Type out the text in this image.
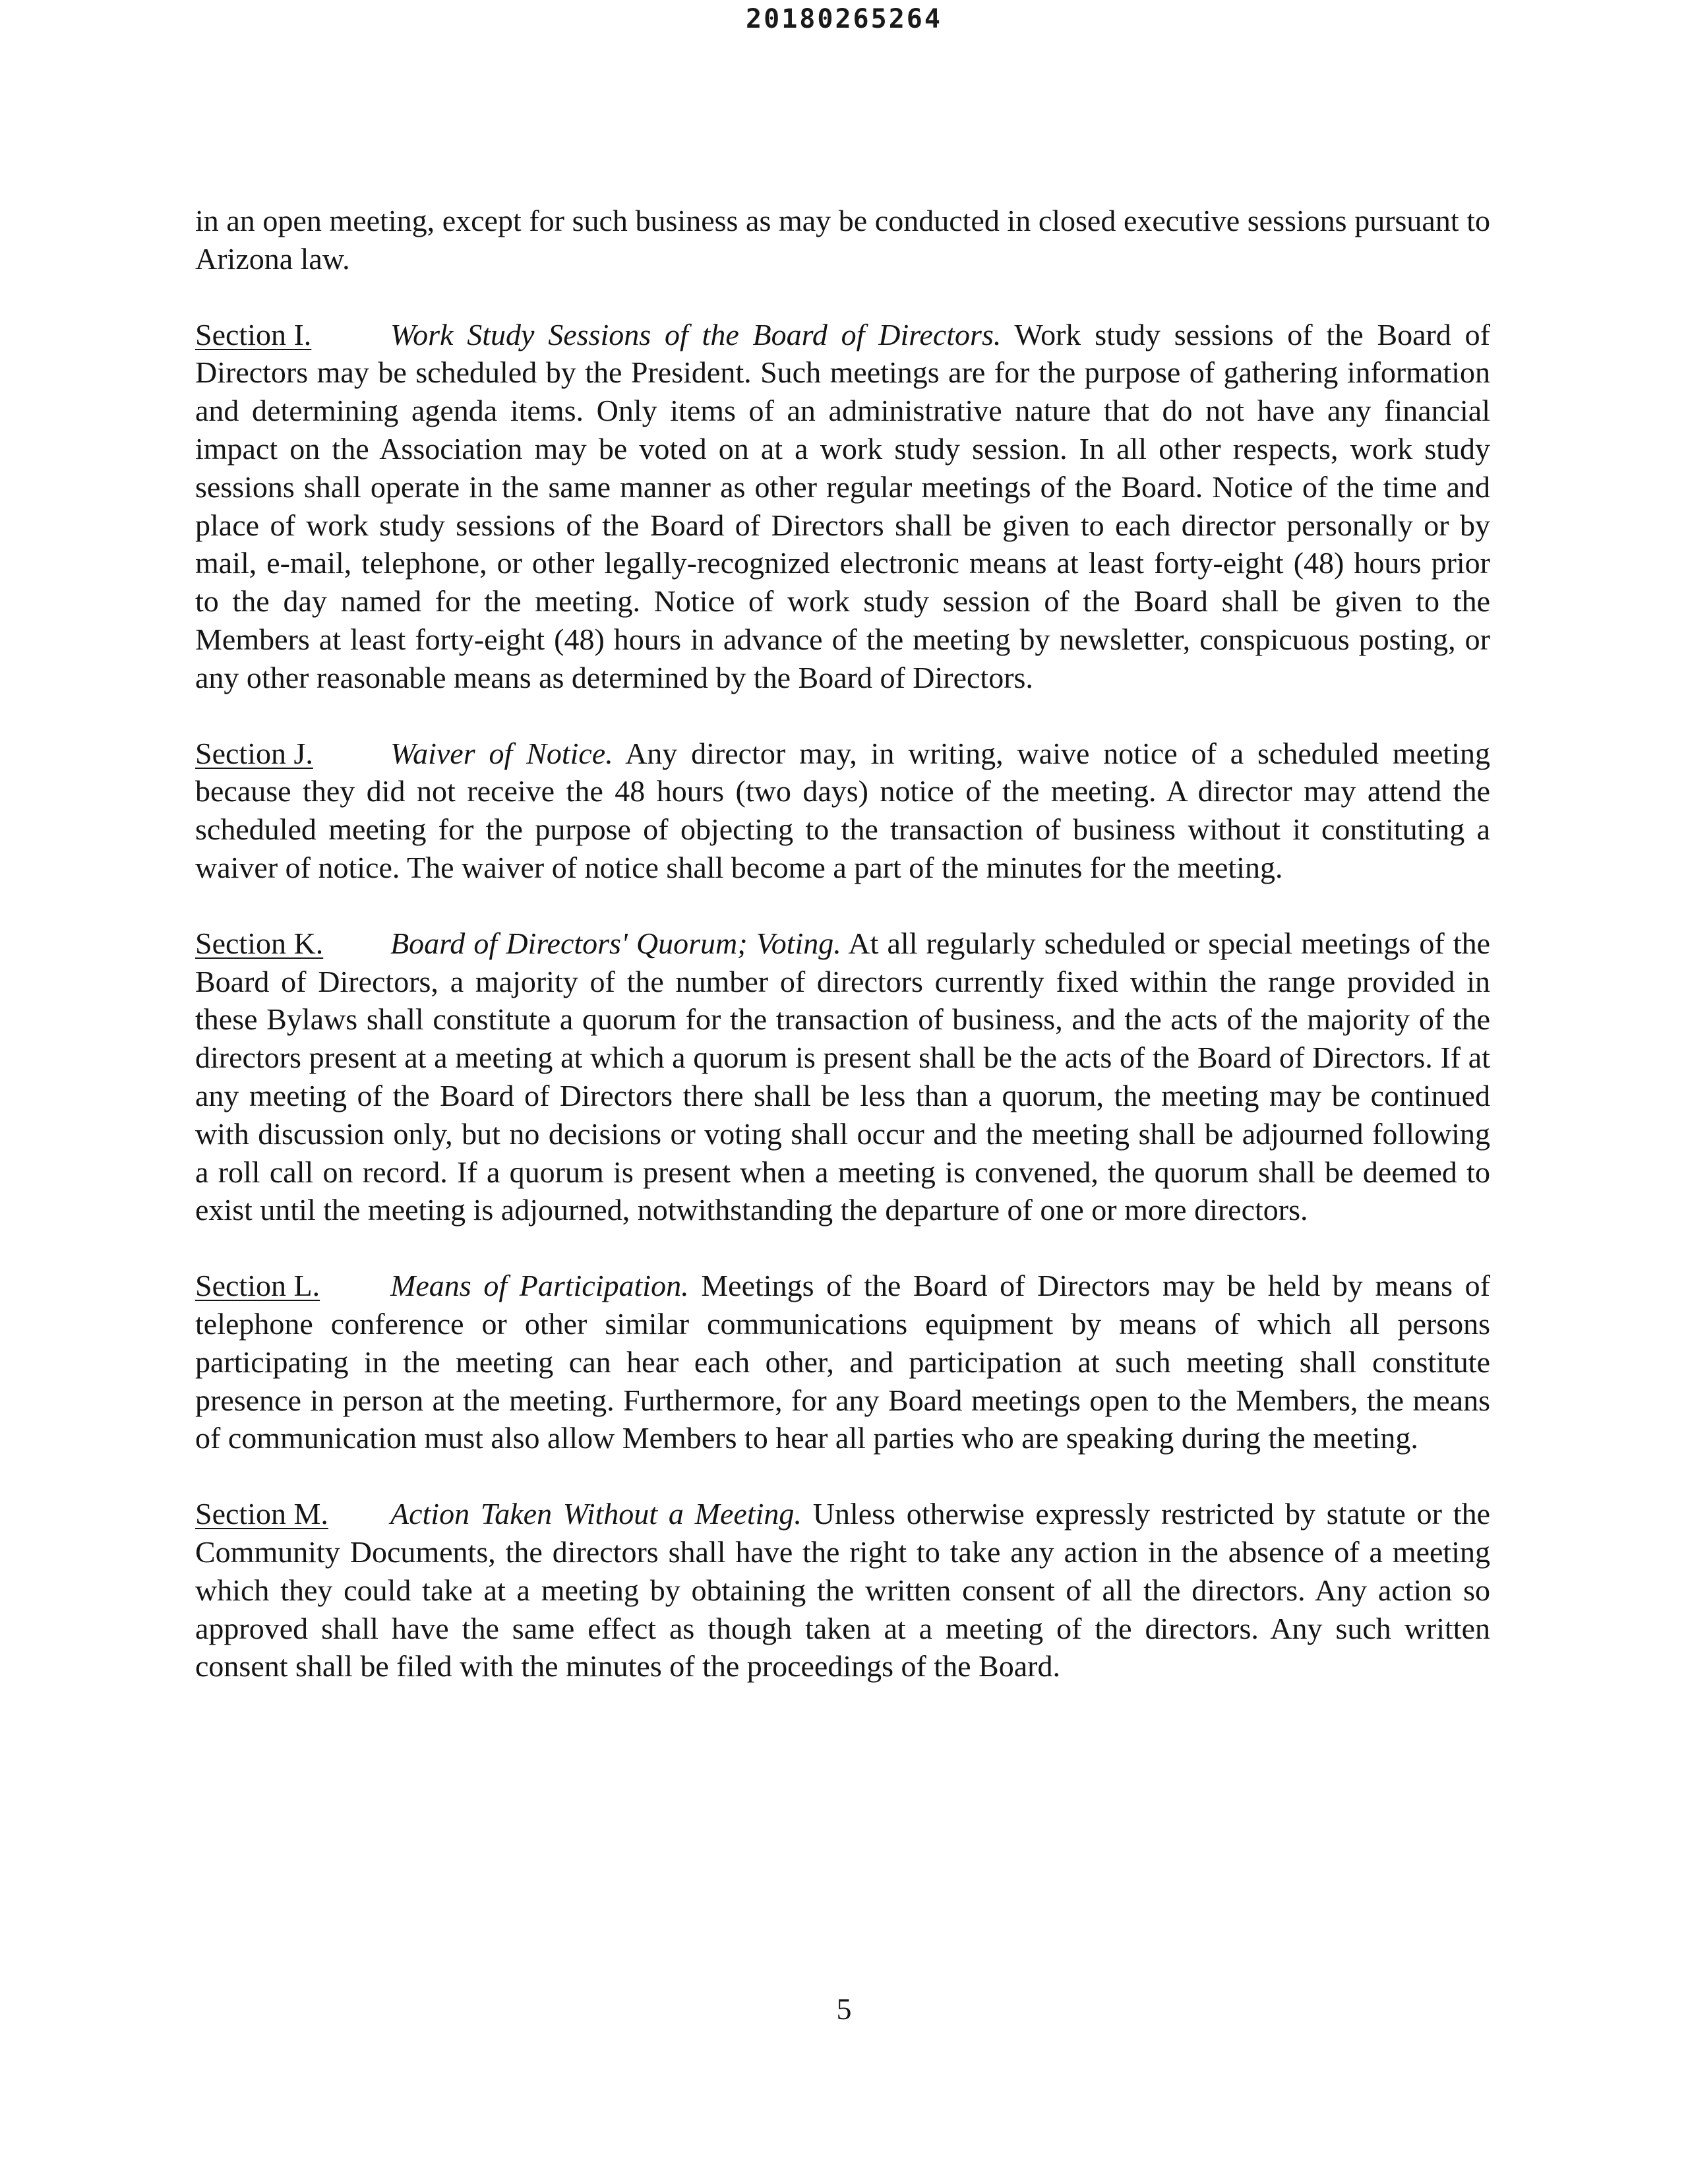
20180265264

in an open meeting, except for such business as may be conducted in closed executive sessions pursuant to Arizona law.

Section I.	Work Study Sessions of the Board of Directors. Work study sessions of the Board of Directors may be scheduled by the President. Such meetings are for the purpose of gathering information and determining agenda items. Only items of an administrative nature that do not have any financial impact on the Association may be voted on at a work study session. In all other respects, work study sessions shall operate in the same manner as other regular meetings of the Board. Notice of the time and place of work study sessions of the Board of Directors shall be given to each director personally or by mail, e-mail, telephone, or other legally-recognized electronic means at least forty-eight (48) hours prior to the day named for the meeting. Notice of work study session of the Board shall be given to the Members at least forty-eight (48) hours in advance of the meeting by newsletter, conspicuous posting, or any other reasonable means as determined by the Board of Directors.

Section J.	Waiver of Notice. Any director may, in writing, waive notice of a scheduled meeting because they did not receive the 48 hours (two days) notice of the meeting. A director may attend the scheduled meeting for the purpose of objecting to the transaction of business without it constituting a waiver of notice. The waiver of notice shall become a part of the minutes for the meeting.

Section K. Board of Directors' Quorum; Voting. At all regularly scheduled or special meetings of the Board of Directors, a majority of the number of directors currently fixed within the range provided in these Bylaws shall constitute a quorum for the transaction of business, and the acts of the majority of the directors present at a meeting at which a quorum is present shall be the acts of the Board of Directors. If at any meeting of the Board of Directors there shall be less than a quorum, the meeting may be continued with discussion only, but no decisions or voting shall occur and the meeting shall be adjourned following a roll call on record. If a quorum is present when a meeting is convened, the quorum shall be deemed to exist until the meeting is adjourned, notwithstanding the departure of one or more directors.

Section L. Means of Participation. Meetings of the Board of Directors may be held by means of telephone conference or other similar communications equipment by means of which all persons participating in the meeting can hear each other, and participation at such meeting shall constitute presence in person at the meeting. Furthermore, for any Board meetings open to the Members, the means of communication must also allow Members to hear all parties who are speaking during the meeting.

Section M. Action Taken Without a Meeting. Unless otherwise expressly restricted by statute or the Community Documents, the directors shall have the right to take any action in the absence of a meeting which they could take at a meeting by obtaining the written consent of all the directors. Any action so approved shall have the same effect as though taken at a meeting of the directors. Any such written consent shall be filed with the minutes of the proceedings of the Board.

5
